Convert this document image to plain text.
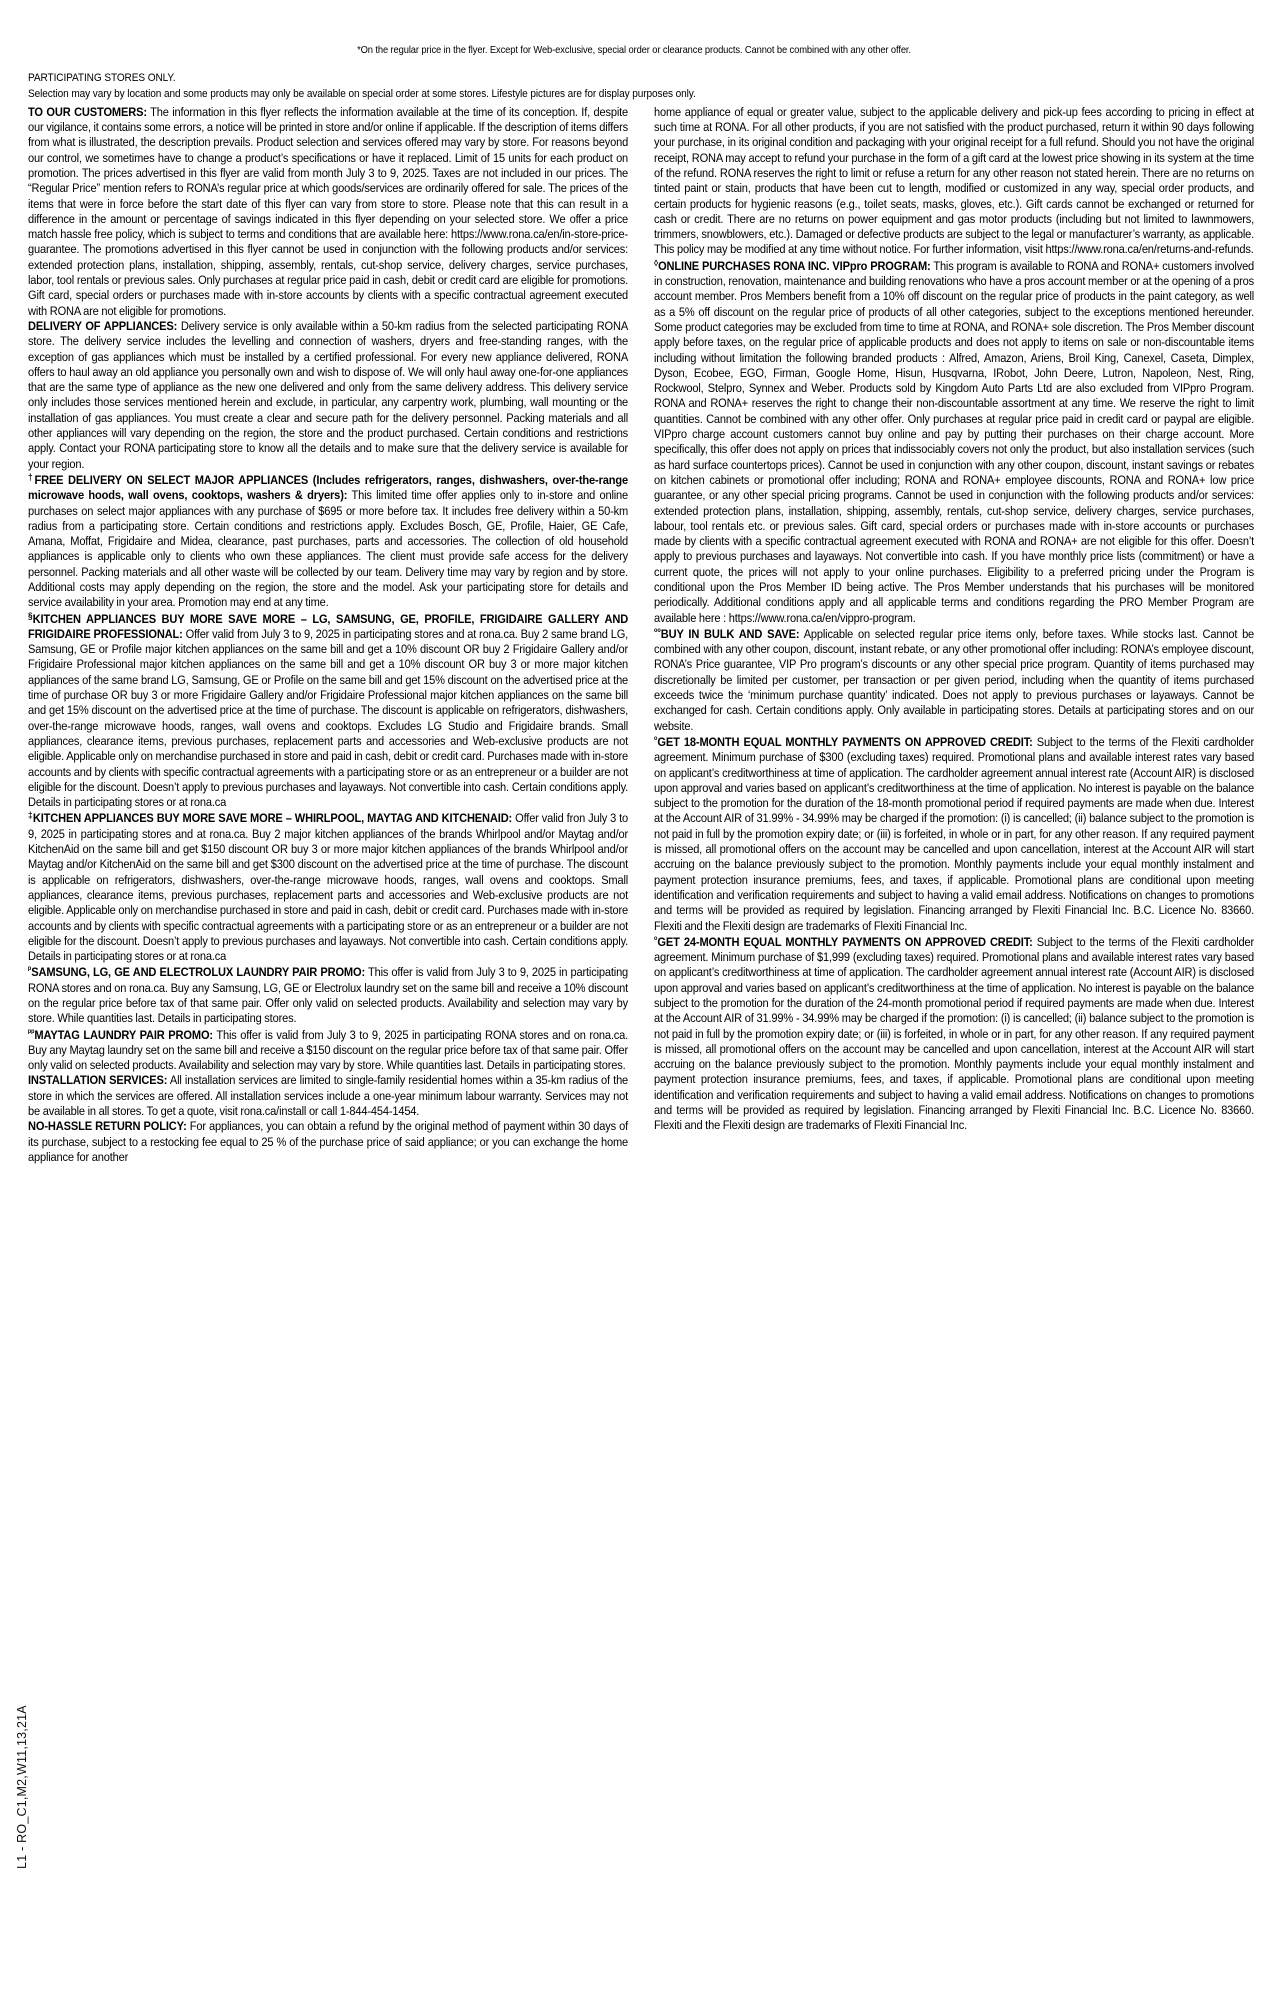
*On the regular price in the flyer. Except for Web-exclusive, special order or clearance products. Cannot be combined with any other offer.
PARTICIPATING STORES ONLY.
Selection may vary by location and some products may only be available on special order at some stores. Lifestyle pictures are for display purposes only.

TO OUR CUSTOMERS: The information in this flyer reflects the information available at the time of its conception. If, despite our vigilance, it contains some errors, a notice will be printed in store and/or online if applicable. If the description of items differs from what is illustrated, the description prevails. Product selection and services offered may vary by store. For reasons beyond our control, we sometimes have to change a product’s specifications or have it replaced. Limit of 15 units for each product on promotion. The prices advertised in this flyer are valid from month July 3 to 9, 2025. Taxes are not included in our prices. The “Regular Price” mention refers to RONA’s regular price at which goods/services are ordinarily offered for sale. The prices of the items that were in force before the start date of this flyer can vary from store to store. Please note that this can result in a difference in the amount or percentage of savings indicated in this flyer depending on your selected store. We offer a price match hassle free policy, which is subject to terms and conditions that are available here: https://www.rona.ca/en/in-store-price-guarantee. The promotions advertised in this flyer cannot be used in conjunction with the following products and/or services: extended protection plans, installation, shipping, assembly, rentals, cut-shop service, delivery charges, service purchases, labor, tool rentals or previous sales. Only purchases at regular price paid in cash, debit or credit card are eligible for promotions. Gift card, special orders or purchases made with in-store accounts by clients with a specific contractual agreement executed with RONA are not eligible for promotions.

DELIVERY OF APPLIANCES: Delivery service is only available within a 50-km radius from the selected participating RONA store. The delivery service includes the levelling and connection of washers, dryers and free-standing ranges, with the exception of gas appliances which must be installed by a certified professional. For every new appliance delivered, RONA offers to haul away an old appliance you personally own and wish to dispose of. We will only haul away one-for-one appliances that are the same type of appliance as the new one delivered and only from the same delivery address. This delivery service only includes those services mentioned herein and exclude, in particular, any carpentry work, plumbing, wall mounting or the installation of gas appliances. You must create a clear and secure path for the delivery personnel. Packing materials and all other appliances will vary depending on the region, the store and the product purchased. Certain conditions and restrictions apply. Contact your RONA participating store to know all the details and to make sure that the delivery service is available for your region.

†FREE DELIVERY ON SELECT MAJOR APPLIANCES (Includes refrigerators, ranges, dishwashers, over-the-range microwave hoods, wall ovens, cooktops, washers & dryers): This limited time offer applies only to in-store and online purchases on select major appliances with any purchase of $695 or more before tax. It includes free delivery within a 50-km radius from a participating store. Certain conditions and restrictions apply. Excludes Bosch, GE, Profile, Haier, GE Cafe, Amana, Moffat, Frigidaire and Midea, clearance, past purchases, parts and accessories. The collection of old household appliances is applicable only to clients who own these appliances. The client must provide safe access for the delivery personnel. Packing materials and all other waste will be collected by our team. Delivery time may vary by region and by store. Additional costs may apply depending on the region, the store and the model. Ask your participating store for details and service availability in your area. Promotion may end at any time.

§KITCHEN APPLIANCES BUY MORE SAVE MORE – LG, SAMSUNG, GE, PROFILE, FRIGIDAIRE GALLERY AND FRIGIDAIRE PROFESSIONAL: Offer valid from July 3 to 9, 2025 in participating stores and at rona.ca. Buy 2 same brand LG, Samsung, GE or Profile major kitchen appliances on the same bill and get a 10% discount OR buy 2 Frigidaire Gallery and/or Frigidaire Professional major kitchen appliances on the same bill and get a 10% discount OR buy 3 or more major kitchen appliances of the same brand LG, Samsung, GE or Profile on the same bill and get 15% discount on the advertised price at the time of purchase OR buy 3 or more Frigidaire Gallery and/or Frigidaire Professional major kitchen appliances on the same bill and get 15% discount on the advertised price at the time of purchase. The discount is applicable on refrigerators, dishwashers, over-the-range microwave hoods, ranges, wall ovens and cooktops. Excludes LG Studio and Frigidaire brands. Small appliances, clearance items, previous purchases, replacement parts and accessories and Web-exclusive products are not eligible. Applicable only on merchandise purchased in store and paid in cash, debit or credit card. Purchases made with in-store accounts and by clients with specific contractual agreements with a participating store or as an entrepreneur or a builder are not eligible for the discount. Doesn’t apply to previous purchases and layaways. Not convertible into cash. Certain conditions apply. Details in participating stores or at rona.ca

‡KITCHEN APPLIANCES BUY MORE SAVE MORE – WHIRLPOOL, MAYTAG AND KITCHENAID: Offer valid fron July 3 to 9, 2025 in participating stores and at rona.ca. Buy 2 major kitchen appliances of the brands Whirlpool and/or Maytag and/or KitchenAid on the same bill and get $150 discount OR buy 3 or more major kitchen appliances of the brands Whirlpool and/or Maytag and/or KitchenAid on the same bill and get $300 discount on the advertised price at the time of purchase. The discount is applicable on refrigerators, dishwashers, over-the-range microwave hoods, ranges, wall ovens and cooktops. Small appliances, clearance items, previous purchases, replacement parts and accessories and Web-exclusive products are not eligible. Applicable only on merchandise purchased in store and paid in cash, debit or credit card. Purchases made with in-store accounts and by clients with specific contractual agreements with a participating store or as an entrepreneur or a builder are not eligible for the discount. Doesn’t apply to previous purchases and layaways. Not convertible into cash. Certain conditions apply. Details in participating stores or at rona.ca

$^ᵖ$SAMSUNG, LG, GE AND ELECTROLUX LAUNDRY PAIR PROMO: This offer is valid from July 3 to 9, 2025 in participating RONA stores and on rona.ca. Buy any Samsung, LG, GE or Electrolux laundry set on the same bill and receive a 10% discount on the regular price before tax of that same pair. Offer only valid on selected products. Availability and selection may vary by store. While quantities last. Details in participating stores.

$^{ᵖᵖ}$MAYTAG LAUNDRY PAIR PROMO: This offer is valid from July 3 to 9, 2025 in participating RONA stores and on rona.ca. Buy any Maytag laundry set on the same bill and receive a $150 discount on the regular price before tax of that same pair. Offer only valid on selected products. Availability and selection may vary by store. While quantities last. Details in participating stores.

INSTALLATION SERVICES: All installation services are limited to single-family residential homes within a 35-km radius of the store in which the services are offered. All installation services include a one-year minimum labour warranty. Services may not be available in all stores. To get a quote, visit rona.ca/install or call 1-844-454-1454.

NO-HASSLE RETURN POLICY: For appliances, you can obtain a refund by the original method of payment within 30 days of its purchase, subject to a restocking fee equal to 25 % of the purchase price of said appliance; or you can exchange the home appliance for another

home appliance of equal or greater value, subject to the applicable delivery and pick-up fees according to pricing in effect at such time at RONA. For all other products, if you are not satisfied with the product purchased, return it within 90 days following your purchase, in its original condition and packaging with your original receipt for a full refund. Should you not have the original receipt, RONA may accept to refund your purchase in the form of a gift card at the lowest price showing in its system at the time of the refund. RONA reserves the right to limit or refuse a return for any other reason not stated herein. There are no returns on tinted paint or stain, products that have been cut to length, modified or customized in any way, special order products, and certain products for hygienic reasons (e.g., toilet seats, masks, gloves, etc.). Gift cards cannot be exchanged or returned for cash or credit. There are no returns on power equipment and gas motor products (including but not limited to lawnmowers, trimmers, snowblowers, etc.). Damaged or defective products are subject to the legal or manufacturer’s warranty, as applicable. This policy may be modified at any time without notice. For further information, visit https://www.rona.ca/en/returns-and-refunds.

◊ONLINE PURCHASES RONA INC. VIPpro PROGRAM: This program is available to RONA and RONA+ customers involved in construction, renovation, maintenance and building renovations who have a pros account member or at the opening of a pros account member. Pros Members benefit from a 10% off discount on the regular price of products in the paint category, as well as a 5% off discount on the regular price of products of all other categories, subject to the exceptions mentioned hereunder. Some product categories may be excluded from time to time at RONA, and RONA+ sole discretion. The Pros Member discount apply before taxes, on the regular price of applicable products and does not apply to items on sale or non-discountable items including without limitation the following branded products : Alfred, Amazon, Ariens, Broil King, Canexel, Caseta, Dimplex, Dyson, Ecobee, EGO, Firman, Google Home, Hisun, Husqvarna, IRobot, John Deere, Lutron, Napoleon, Nest, Ring, Rockwool, Stelpro, Synnex and Weber. Products sold by Kingdom Auto Parts Ltd are also excluded from VIPpro Program. RONA and RONA+ reserves the right to change their non-discountable assortment at any time. We reserve the right to limit quantities. Cannot be combined with any other offer. Only purchases at regular price paid in credit card or paypal are eligible. VIPpro charge account customers cannot buy online and pay by putting their purchases on their charge account. More specifically, this offer does not apply on prices that indissociably covers not only the product, but also installation services (such as hard surface countertops prices). Cannot be used in conjunction with any other coupon, discount, instant savings or rebates on kitchen cabinets or promotional offer including; RONA and RONA+ employee discounts, RONA and RONA+ low price guarantee, or any other special pricing programs. Cannot be used in conjunction with the following products and/or services: extended protection plans, installation, shipping, assembly, rentals, cut-shop service, delivery charges, service purchases, labour, tool rentals etc. or previous sales. Gift card, special orders or purchases made with in-store accounts or purchases made by clients with a specific contractual agreement executed with RONA and RONA+ are not eligible for this offer. Doesn’t apply to previous purchases and layaways. Not convertible into cash. If you have monthly price lists (commitment) or have a current quote, the prices will not apply to your online purchases. Eligibility to a preferred pricing under the Program is conditional upon the Pros Member ID being active. The Pros Member understands that his purchases will be monitored periodically. Additional conditions apply and all applicable terms and conditions regarding the PRO Member Program are available here : https://www.rona.ca/en/vippro-program.

$^{ᵒᵒ}$BUY IN BULK AND SAVE: Applicable on selected regular price items only, before taxes. While stocks last. Cannot be combined with any other coupon, discount, instant rebate, or any other promotional offer including: RONA’s employee discount, RONA’s Price guarantee, VIP Pro program’s discounts or any other special price program. Quantity of items purchased may discretionally be limited per customer, per transaction or per given period, including when the quantity of items purchased exceeds twice the ‘minimum purchase quantity’ indicated. Does not apply to previous purchases or layaways. Cannot be exchanged for cash. Certain conditions apply. Only available in participating stores. Details at participating stores and on our website.

$^ᵒ$GET 18-MONTH EQUAL MONTHLY PAYMENTS ON APPROVED CREDIT: Subject to the terms of the Flexiti cardholder agreement. Minimum purchase of $300 (excluding taxes) required. Promotional plans and available interest rates vary based on applicant’s creditworthiness at time of application. The cardholder agreement annual interest rate (Account AIR) is disclosed upon approval and varies based on applicant’s creditworthiness at the time of application. No interest is payable on the balance subject to the promotion for the duration of the 18-month promotional period if required payments are made when due. Interest at the Account AIR of 31.99% - 34.99% may be charged if the promotion: (i) is cancelled; (ii) balance subject to the promotion is not paid in full by the promotion expiry date; or (iii) is forfeited, in whole or in part, for any other reason. If any required payment is missed, all promotional offers on the account may be cancelled and upon cancellation, interest at the Account AIR will start accruing on the balance previously subject to the promotion. Monthly payments include your equal monthly instalment and payment protection insurance premiums, fees, and taxes, if applicable. Promotional plans are conditional upon meeting identification and verification requirements and subject to having a valid email address. Notifications on changes to promotions and terms will be provided as required by legislation. Financing arranged by Flexiti Financial Inc. B.C. Licence No. 83660. Flexiti and the Flexiti design are trademarks of Flexiti Financial Inc.

$^ᵒ$GET 24-MONTH EQUAL MONTHLY PAYMENTS ON APPROVED CREDIT: Subject to the terms of the Flexiti cardholder agreement. Minimum purchase of $1,999 (excluding taxes) required. Promotional plans and available interest rates vary based on applicant’s creditworthiness at time of application. The cardholder agreement annual interest rate (Account AIR) is disclosed upon approval and varies based on applicant’s creditworthiness at the time of application. No interest is payable on the balance subject to the promotion for the duration of the 24-month promotional period if required payments are made when due. Interest at the Account AIR of 31.99% - 34.99% may be charged if the promotion: (i) is cancelled; (ii) balance subject to the promotion is not paid in full by the promotion expiry date; or (iii) is forfeited, in whole or in part, for any other reason. If any required payment is missed, all promotional offers on the account may be cancelled and upon cancellation, interest at the Account AIR will start accruing on the balance previously subject to the promotion. Monthly payments include your equal monthly instalment and payment protection insurance premiums, fees, and taxes, if applicable. Promotional plans are conditional upon meeting identification and verification requirements and subject to having a valid email address. Notifications on changes to promotions and terms will be provided as required by legislation. Financing arranged by Flexiti Financial Inc. B.C. Licence No. 83660. Flexiti and the Flexiti design are trademarks of Flexiti Financial Inc.

L1 - RO_C1,M2,W11,13,21A
